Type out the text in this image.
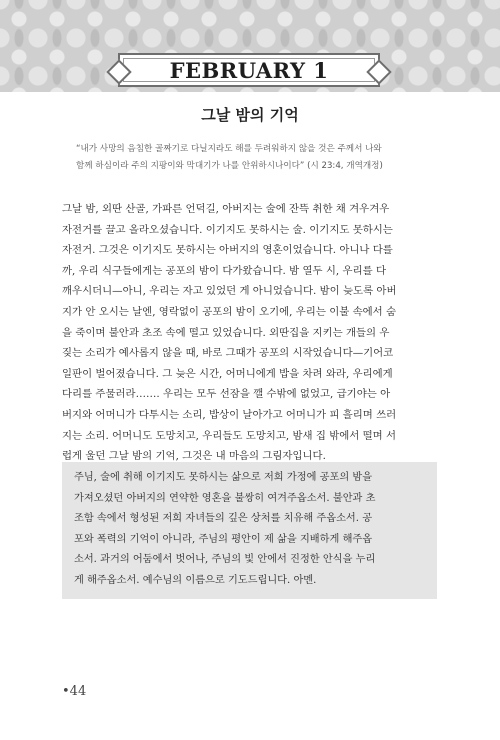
FEBRUARY 1
그날 밤의 기억
“내가 사망의 음침한 골짜기로 다닐지라도 해를 두려워하지 않을 것은 주께서 나와
함께 하심이라 주의 지팡이와 막대기가 나를 안위하시나이다” (시 23:4, 개역개정)
그날 밤, 외딴 산골, 가파른 언덕길, 아버지는 술에 잔뜩 취한 채 겨우겨우
자전거를 끌고 올라오셨습니다. 이기지도 못하시는 술. 이기지도 못하시는
자전거. 그것은 이기지도 못하시는 아버지의 영혼이었습니다. 아니나 다를
까, 우리 식구들에게는 공포의 밤이 다가왔습니다. 밤 열두 시, 우리를 다
깨우시더니—아니, 우리는 자고 있었던 게 아니었습니다. 밤이 늦도록 아버
지가 안 오시는 날엔, 영락없이 공포의 밤이 오기에, 우리는 이불 속에서 숨
을 죽이며 불안과 초조 속에 떨고 있었습니다. 외딴집을 지키는 개들의 우
짖는 소리가 예사롭지 않을 때, 바로 그때가 공포의 시작었습니다—기어코
일판이 벌어졌습니다. 그 늦은 시간, 어머니에게 밥을 차려 와라, 우리에게
다리를 주물러라……. 우리는 모두 선잠을 깰 수밖에 없었고, 급기야는 아
버지와 어머니가 다투시는 소리, 밥상이 날아가고 어머니가 피 흘리며 쓰러
지는 소리. 어머니도 도망치고, 우리들도 도망치고, 밤새 집 밖에서 떨며 서
럽게 울던 그날 밤의 기억, 그것은 내 마음의 그림자입니다.
주님, 술에 취해 이기지도 못하시는 삶으로 저희 가정에 공포의 밤을
가져오셨던 아버지의 연약한 영혼을 불쌍히 여겨주옵소서. 불안과 초
조함 속에서 형성된 저희 자녀들의 깊은 상처를 치유해 주옵소서. 공
포와 폭력의 기억이 아니라, 주님의 평안이 제 삶을 지배하게 해주옵
소서. 과거의 어둠에서 벗어나, 주님의 빛 안에서 진정한 안식을 누리
게 해주옵소서. 예수님의 이름으로 기도드립니다. 아멘.
•44
